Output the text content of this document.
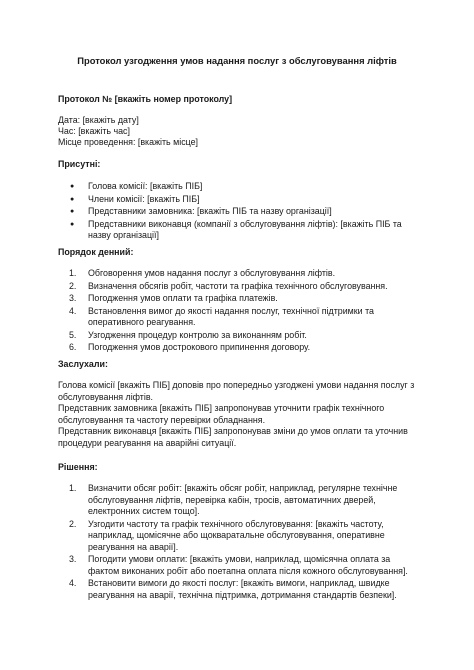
Протокол узгодження умов надання послуг з обслуговування ліфтів
Протокол № [вкажіть номер протоколу]
Дата: [вкажіть дату]
Час: [вкажіть час]
Місце проведення: [вкажіть місце]
Присутні:
● Голова комісії: [вкажіть ПІБ]
● Члени комісії: [вкажіть ПІБ]
● Представники замовника: [вкажіть ПІБ та назву організації]
● Представники виконавця (компанії з обслуговування ліфтів): [вкажіть ПІБ та
назву організації]
Порядок денний:
1. Обговорення умов надання послуг з обслуговування ліфтів.
2. Визначення обсягів робіт, частоти та графіка технічного обслуговування.
3. Погодження умов оплати та графіка платежів.
4. Встановлення вимог до якості надання послуг, технічної підтримки та
оперативного реагування.
5. Узгодження процедур контролю за виконанням робіт.
6. Погодження умов дострокового припинення договору.
Заслухали:
Голова комісії [вкажіть ПІБ] доповів про попередньо узгоджені умови надання послуг з
обслуговування ліфтів.
Представник замовника [вкажіть ПІБ] запропонував уточнити графік технічного
обслуговування та частоту перевірки обладнання.
Представник виконавця [вкажіть ПІБ] запропонував зміни до умов оплати та уточнив
процедури реагування на аварійні ситуації.
Рішення:
1. Визначити обсяг робіт: [вкажіть обсяг робіт, наприклад, регулярне технічне
обслуговування ліфтів, перевірка кабін, тросів, автоматичних дверей,
електронних систем тощо].
2. Узгодити частоту та графік технічного обслуговування: [вкажіть частоту,
наприклад, щомісячне або щокваратальне обслуговування, оперативне
реагування на аварії].
3. Погодити умови оплати: [вкажіть умови, наприклад, щомісячна оплата за
фактом виконаних робіт або поетапна оплата після кожного обслуговування].
4. Встановити вимоги до якості послуг: [вкажіть вимоги, наприклад, швидке
реагування на аварії, технічна підтримка, дотримання стандартів безпеки].
